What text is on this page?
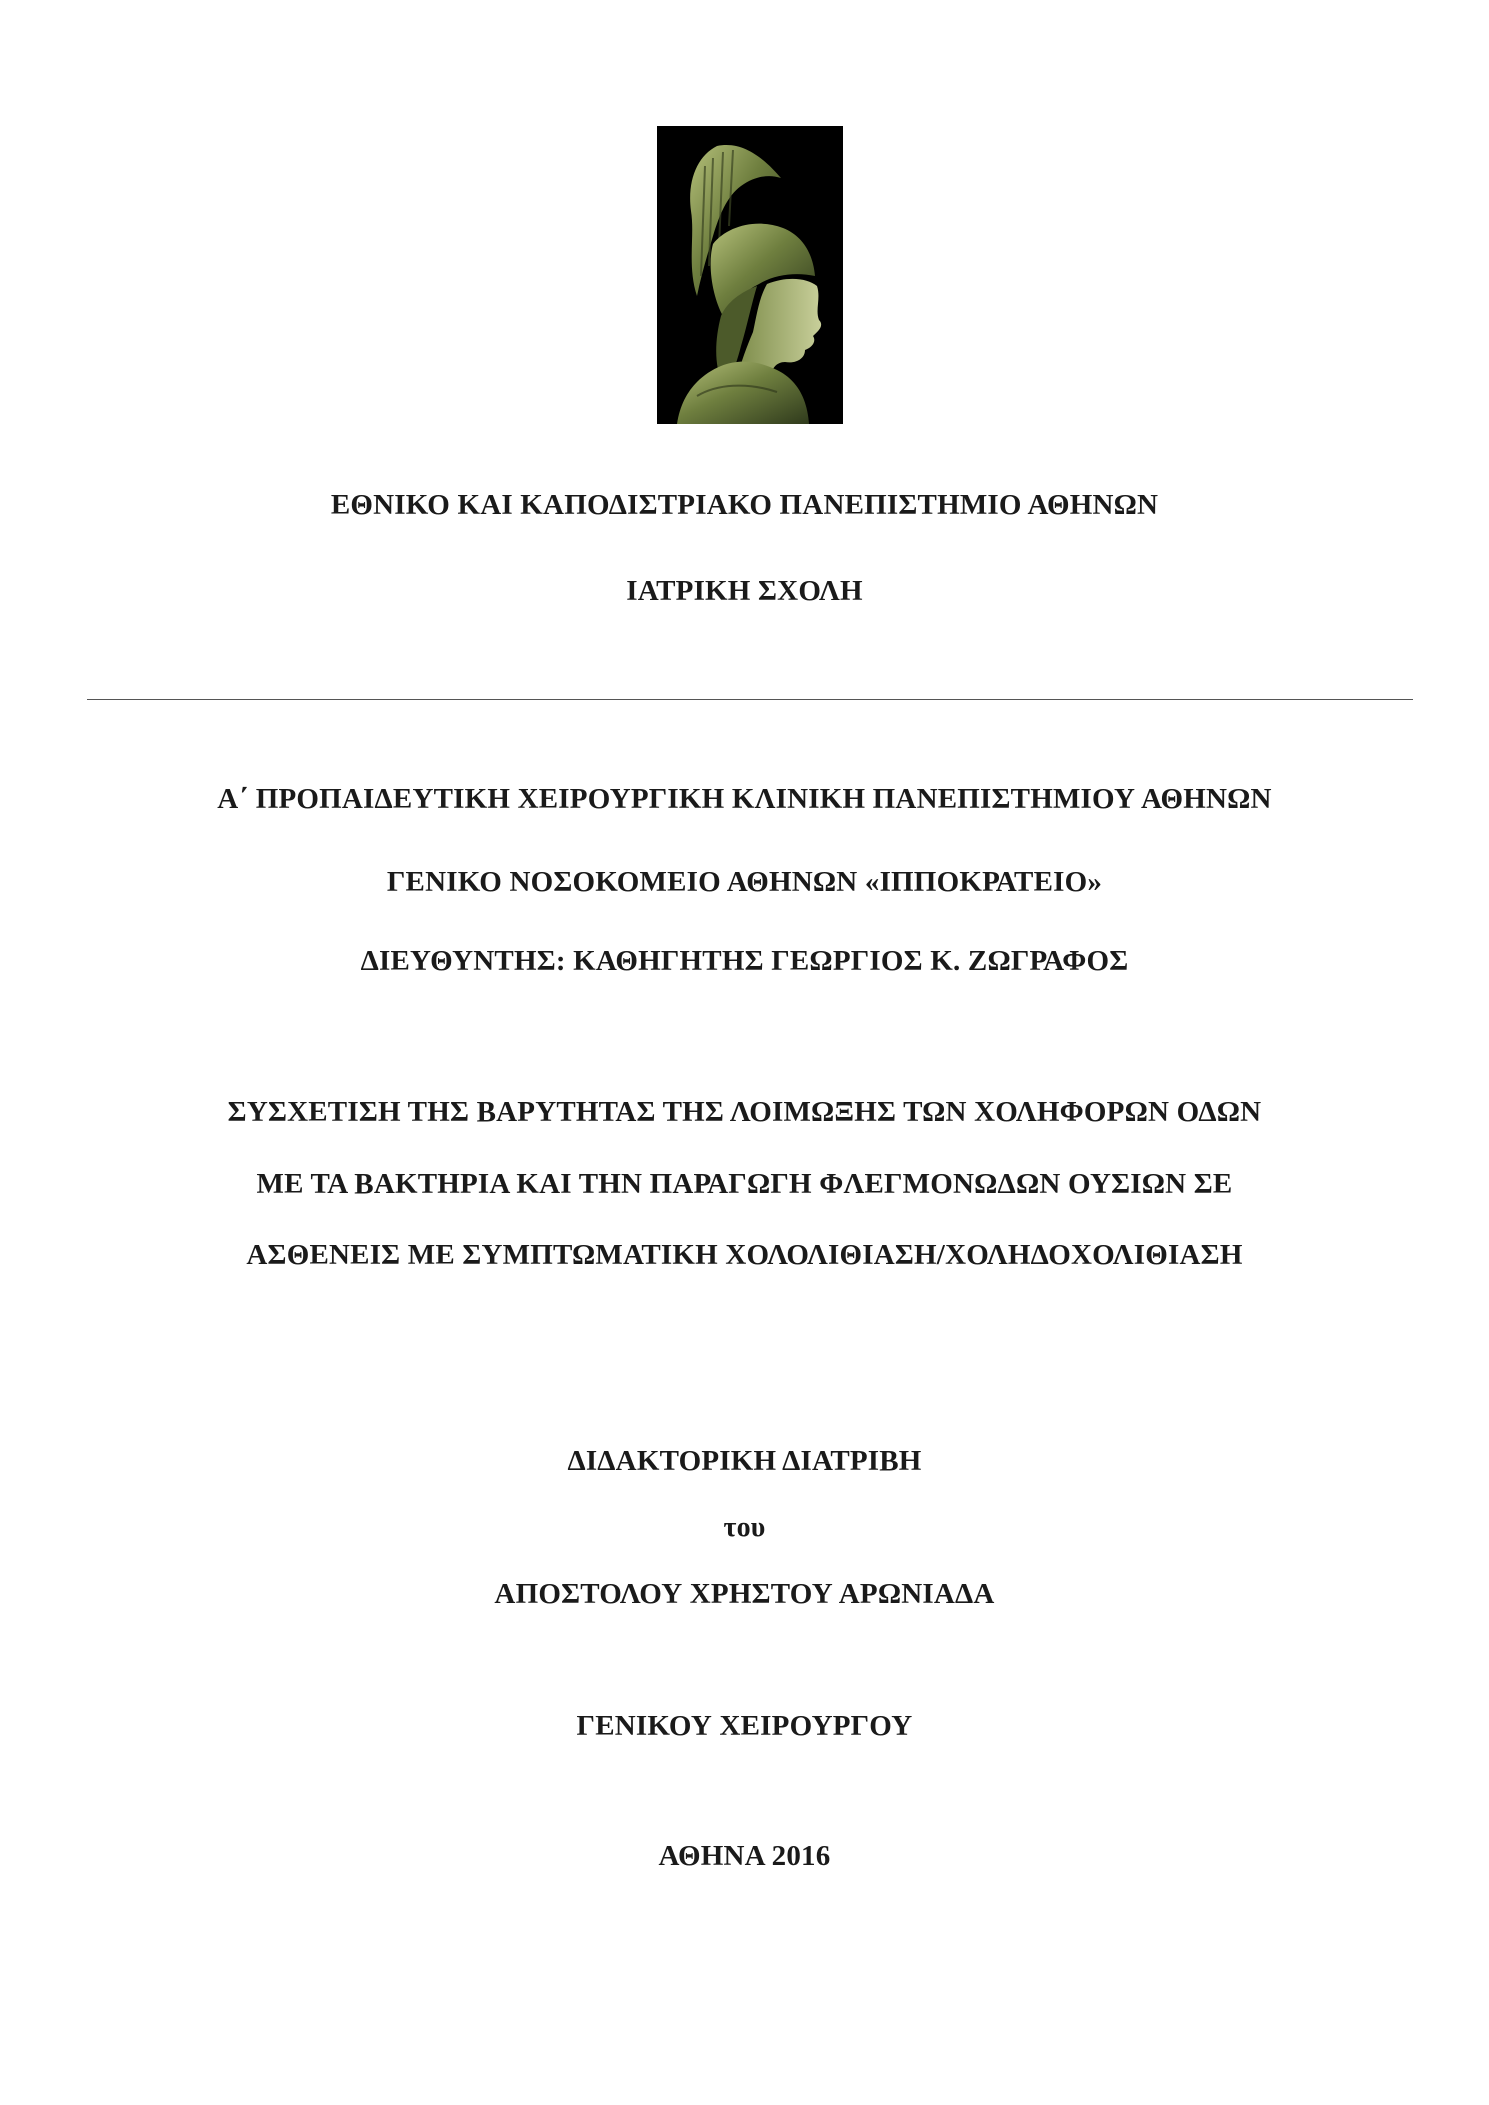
ΕΘΝΙΚΟ ΚΑΙ ΚΑΠΟΔΙΣΤΡΙΑΚΟ ΠΑΝΕΠΙΣΤΗΜΙΟ ΑΘΗΝΩΝ
ΙΑΤΡΙΚΗ ΣΧΟΛΗ
Α΄ ΠΡΟΠΑΙΔΕΥΤΙΚΗ ΧΕΙΡΟΥΡΓΙΚΗ ΚΛΙΝΙΚΗ ΠΑΝΕΠΙΣΤΗΜΙΟΥ ΑΘΗΝΩΝ
ΓΕΝΙΚΟ ΝΟΣΟΚΟΜΕΙΟ ΑΘΗΝΩΝ «ΙΠΠΟΚΡΑΤΕΙΟ»
ΔΙΕΥΘΥΝΤΗΣ: ΚΑΘΗΓΗΤΗΣ ΓΕΩΡΓΙΟΣ Κ. ΖΩΓΡΑΦΟΣ
ΣΥΣΧΕΤΙΣΗ ΤΗΣ ΒΑΡΥΤΗΤΑΣ ΤΗΣ ΛΟΙΜΩΞΗΣ ΤΩΝ ΧΟΛΗΦΟΡΩΝ ΟΔΩΝ
ΜΕ ΤΑ ΒΑΚΤΗΡΙΑ ΚΑΙ ΤΗΝ ΠΑΡΑΓΩΓΗ ΦΛΕΓΜΟΝΩΔΩΝ ΟΥΣΙΩΝ ΣΕ
ΑΣΘΕΝΕΙΣ ΜΕ ΣΥΜΠΤΩΜΑΤΙΚΗ ΧΟΛΟΛΙΘΙΑΣΗ/ΧΟΛΗΔΟΧΟΛΙΘΙΑΣΗ
ΔΙΔΑΚΤΟΡΙΚΗ ΔΙΑΤΡΙΒΗ
του
ΑΠΟΣΤΟΛΟΥ ΧΡΗΣΤΟΥ ΑΡΩΝΙΑΔΑ
ΓΕΝΙΚΟΥ ΧΕΙΡΟΥΡΓΟΥ
ΑΘΗΝΑ 2016
